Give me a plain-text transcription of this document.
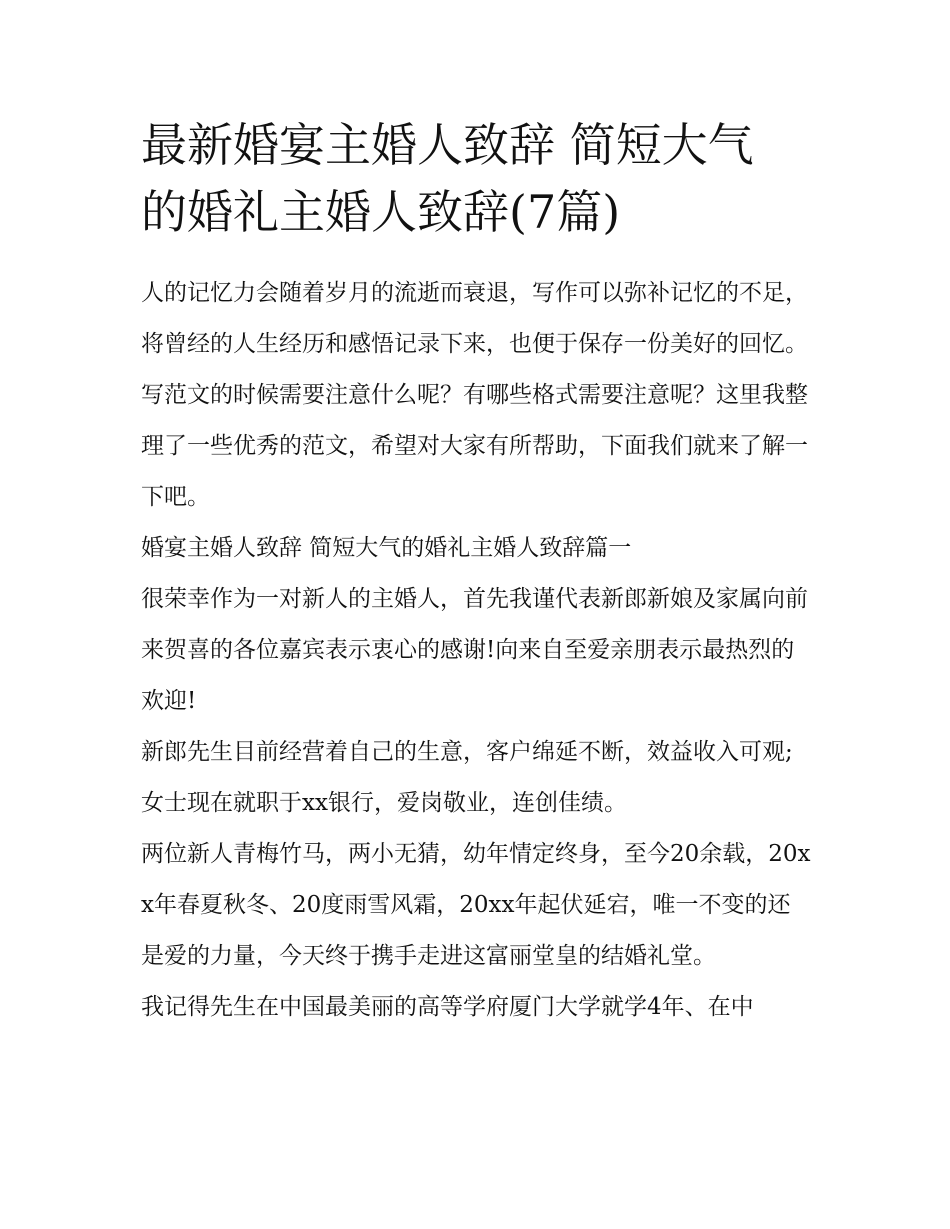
最新婚宴主婚人致辞 简短大气
的婚礼主婚人致辞(7篇)

人的记忆力会随着岁月的流逝而衰退，写作可以弥补记忆的不足，将曾经的人生经历和感悟记录下来，也便于保存一份美好的回忆。写范文的时候需要注意什么呢？有哪些格式需要注意呢？这里我整理了一些优秀的范文，希望对大家有所帮助，下面我们就来了解一下吧。

婚宴主婚人致辞 简短大气的婚礼主婚人致辞篇一

很荣幸作为一对新人的主婚人，首先我谨代表新郎新娘及家属向前来贺喜的各位嘉宾表示衷心的感谢!向来自至爱亲朋表示最热烈的欢迎!

新郎先生目前经营着自己的生意，客户绵延不断，效益收入可观;女士现在就职于xx银行，爱岗敬业，连创佳绩。

两位新人青梅竹马，两小无猜，幼年情定终身，至今20余载，20xx年春夏秋冬、20度雨雪风霜，20xx年起伏延宕，唯一不变的还是爱的力量，今天终于携手走进这富丽堂皇的结婚礼堂。

我记得先生在中国最美丽的高等学府厦门大学就学4年、在中
